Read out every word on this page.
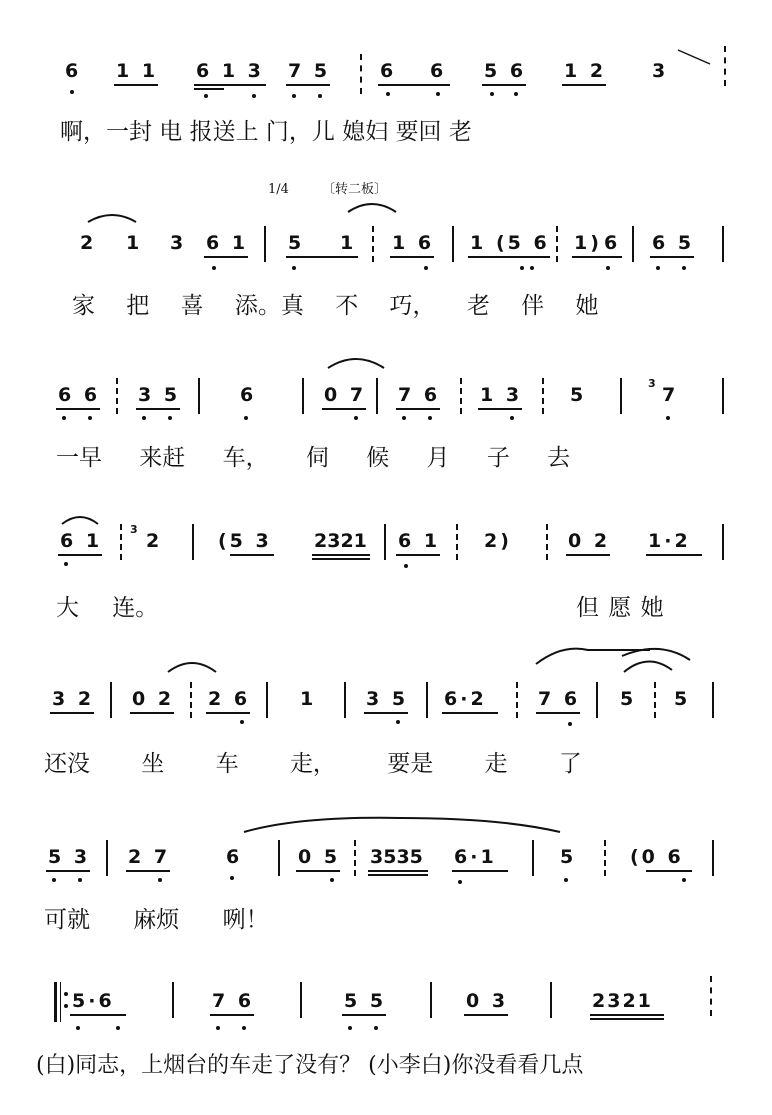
6 1 1 6 1 3 7 5	6 6 5 6 1 2 3
啊，一封 电 报送上 门，儿 媳妇 要回 老
1/4	〔转二板〕
2 1 3 6 1 5 1 1 6 1 (5 6 1) 6 6 5
家 把 喜 添。真 不 巧， 老 伴 她
6 6 3 5	6	0 7 7 6 1 3	5
3
7
一早 来赶 车， 伺 候 月 子 去
6 1
3
2	(5 3 2321 6 1 2)	0 2 1·2
大 连。	但 愿 她
3 2 0 2 2 6	1	3 5 6·2	7 6 5 5
还没 坐 车 走， 要是 走 了
5 3 2 7	6	0 5 3535 6·1	5	(0 6
可就 麻烦 咧！
5·6	7 6	5 5	0 3	2321
(白)同志，上烟台的车走了没有？ (小李白)你没看看几点
